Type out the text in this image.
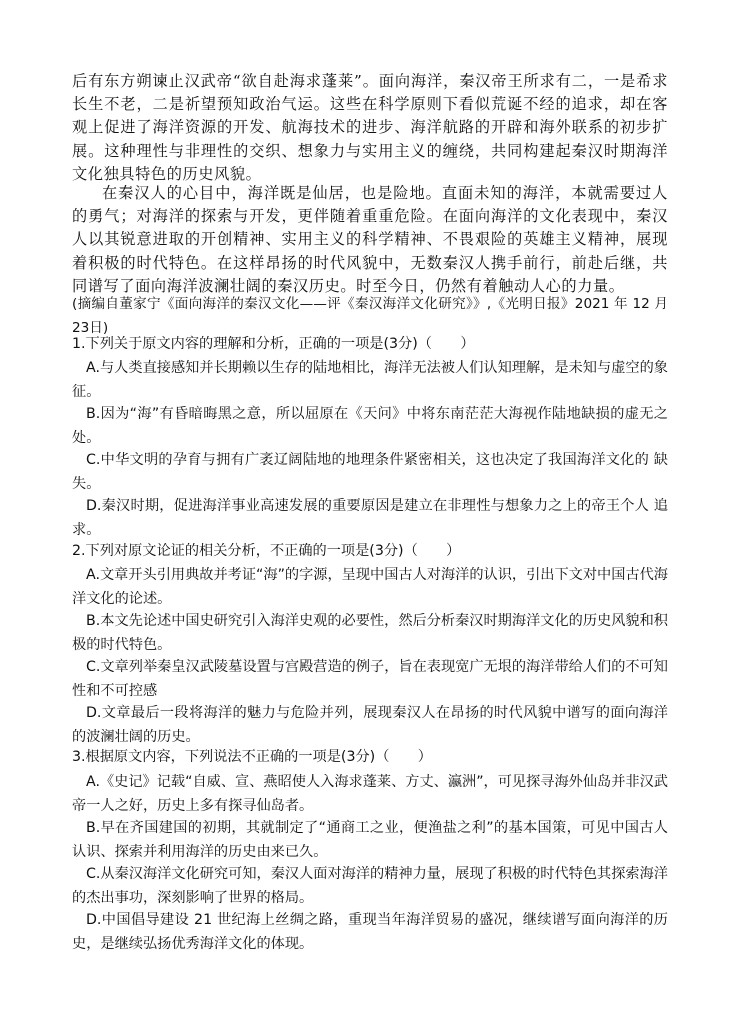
后有东方朔谏止汉武帝“欲自赴海求蓬莱”。面向海洋，秦汉帝王所求有二，一是希求长生不老，二是祈望预知政治气运。这些在科学原则下看似荒诞不经的追求，却在客观上促进了海洋资源的开发、航海技术的进步、海洋航路的开辟和海外联系的初步扩展。这种理性与非理性的交织、想象力与实用主义的缠绕，共同构建起秦汉时期海洋文化独具特色的历史风貌。

在秦汉人的心目中，海洋既是仙居，也是险地。直面未知的海洋，本就需要过人的勇气；对海洋的探索与开发，更伴随着重重危险。在面向海洋的文化表现中，秦汉人以其锐意进取的开创精神、实用主义的科学精神、不畏艰险的英雄主义精神，展现着积极的时代特色。在这样昂扬的时代风貌中，无数秦汉人携手前行，前赴后继，共同谱写了面向海洋波澜壮阔的秦汉历史。时至今日，仍然有着触动人心的力量。

(摘编自董家宁《面向海洋的秦汉文化——评《秦汉海洋文化研究》》,《光明日报》2021 年 12 月 23日)

1.下列关于原文内容的理解和分析，正确的一项是(3分)（　　）

A.与人类直接感知并长期赖以生存的陆地相比，海洋无法被人们认知理解，是未知与虚空的象征。

B.因为“海”有昏暗晦黑之意，所以屈原在《天问》中将东南茫茫大海视作陆地缺损的虚无之处。

C.中华文明的孕育与拥有广袤辽阔陆地的地理条件紧密相关，这也决定了我国海洋文化的 缺失。

D.秦汉时期，促进海洋事业高速发展的重要原因是建立在非理性与想象力之上的帝王个人 追求。

2.下列对原文论证的相关分析，不正确的一项是(3分)（　　）

A.文章开头引用典故并考证“海”的字源，呈现中国古人对海洋的认识，引出下文对中国古代海洋文化的论述。

B.本文先论述中国史研究引入海洋史观的必要性，然后分析秦汉时期海洋文化的历史风貌和积极的时代特色。

C.文章列举秦皇汉武陵墓设置与宫殿营造的例子，旨在表现宽广无垠的海洋带给人们的不可知性和不可控感

D.文章最后一段将海洋的魅力与危险并列，展现秦汉人在昂扬的时代风貌中谱写的面向海洋的波澜壮阔的历史。

3.根据原文内容，下列说法不正确的一项是(3分)（　　）

A.《史记》记载“自威、宣、燕昭使人入海求蓬莱、方丈、瀛洲”，可见探寻海外仙岛并非汉武帝一人之好，历史上多有探寻仙岛者。

B.早在齐国建国的初期，其就制定了“通商工之业，便渔盐之利”的基本国策，可见中国古人认识、探索并利用海洋的历史由来已久。

C.从秦汉海洋文化研究可知，秦汉人面对海洋的精神力量，展现了积极的时代特色其探索海洋的杰出事功，深刻影响了世界的格局。

D.中国倡导建设 21 世纪海上丝绸之路，重现当年海洋贸易的盛况，继续谱写面向海洋的历 史，是继续弘扬优秀海洋文化的体现。
